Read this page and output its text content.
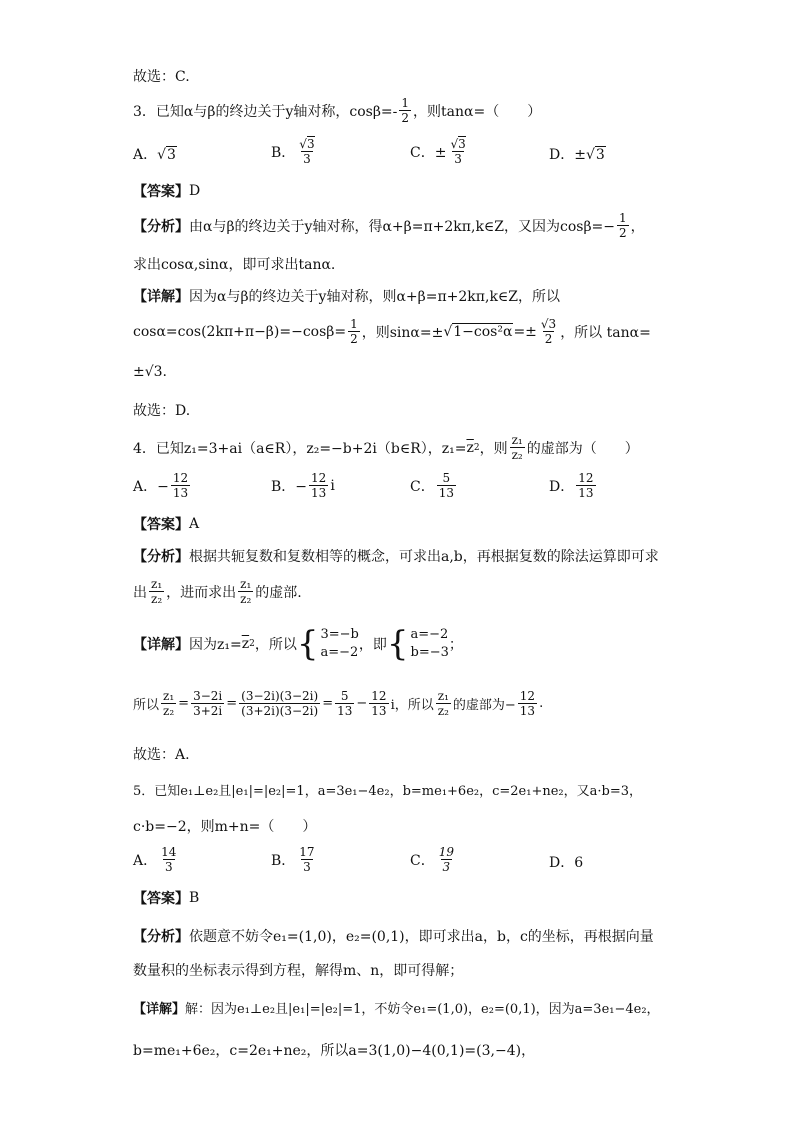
故选：C.
3．已知α与β的终边关于y轴对称，$\cos\beta=- \frac{1}{2}$ ，则tanα=（　　）
A． √ 3	B． $\frac{√3}{3}$	C．± $\frac{√3}{3}$	D．± √ 3
【答案】 D
【分析】 由α与β的终边关于y轴对称，得α+β=π+2kπ,k∈Z，又因为$\cos\beta=- \frac{1}{2}$ ，
求出cosα,sinα，即可求出tanα.
【详解】 因为α与β的终边关于y轴对称，则α+β=π+2kπ,k∈Z，所以
$\cos\alpha=\cos(2k\pi+\pi-\beta)=-\cos\beta= \frac{1}{2}$ ，则sinα=± √ $1-\cos^2\alpha =\pm \frac{√3}{2}$ ，所以 tanα=
±√3.
故选：D.
4．已知z₁=3+ai（a∈R），z₂=−b+2i（b∈R），$z_1= \overline{z}$ 2 ，则 $\frac{\text{z₁}}{\text{z₂}}$ 的虚部为（　　）
A．− $\frac{12}{13}$	B．− $\frac{12}{13}$ i	C． $\frac{5}{13}$	D． $\frac{12}{13}$
【答案】 A
【分析】 根据共轭复数和复数相等的概念，可求出a,b，再根据复数的除法运算即可求
出 $\frac{\text{z₁}}{\text{z₂}}$ ，进而求出 $\frac{\text{z₁}}{\text{z₂}}$ 的虚部.
【详解】 因为$z_1= \overline{z}$ 2 ，所以 { 3=−b
a=−2 ，即 { a=−2
b=−3 ；
所以 $\frac{\text{z₁}}{\text{z₂}} = \frac{3-2i}{3+2i} = \frac{(3-2i)(3-2i)}{(3+2i)(3-2i)} = \frac{5}{13} - \frac{12}{13}$ i，所以 $\frac{\text{z₁}}{\text{z₂}}$ 的虚部为− $\frac{12}{13}$ .
故选：A.
5．已知e₁⊥e₂且|e₁|=|e₂|=1，a=3e₁−4e₂，b=me₁+6e₂，c=2e₁+ne₂，又a·b=3，
c·b=−2，则m+n=（　　）
A． $\frac{14}{3}$	B． $\frac{17}{3}$	C． $\frac{19}{3}$	D．6
【答案】 B
【分析】 依题意不妨令e₁=(1,0)，e₂=(0,1)，即可求出a，b，c的坐标，再根据向量
数量积的坐标表示得到方程，解得m、n，即可得解；
【详解】 解：因为e₁⊥e₂且|e₁|=|e₂|=1，不妨令e₁=(1,0)，e₂=(0,1)，因为a=3e₁−4e₂，
b=me₁+6e₂，c=2e₁+ne₂，所以a=3(1,0)−4(0,1)=(3,−4)，
